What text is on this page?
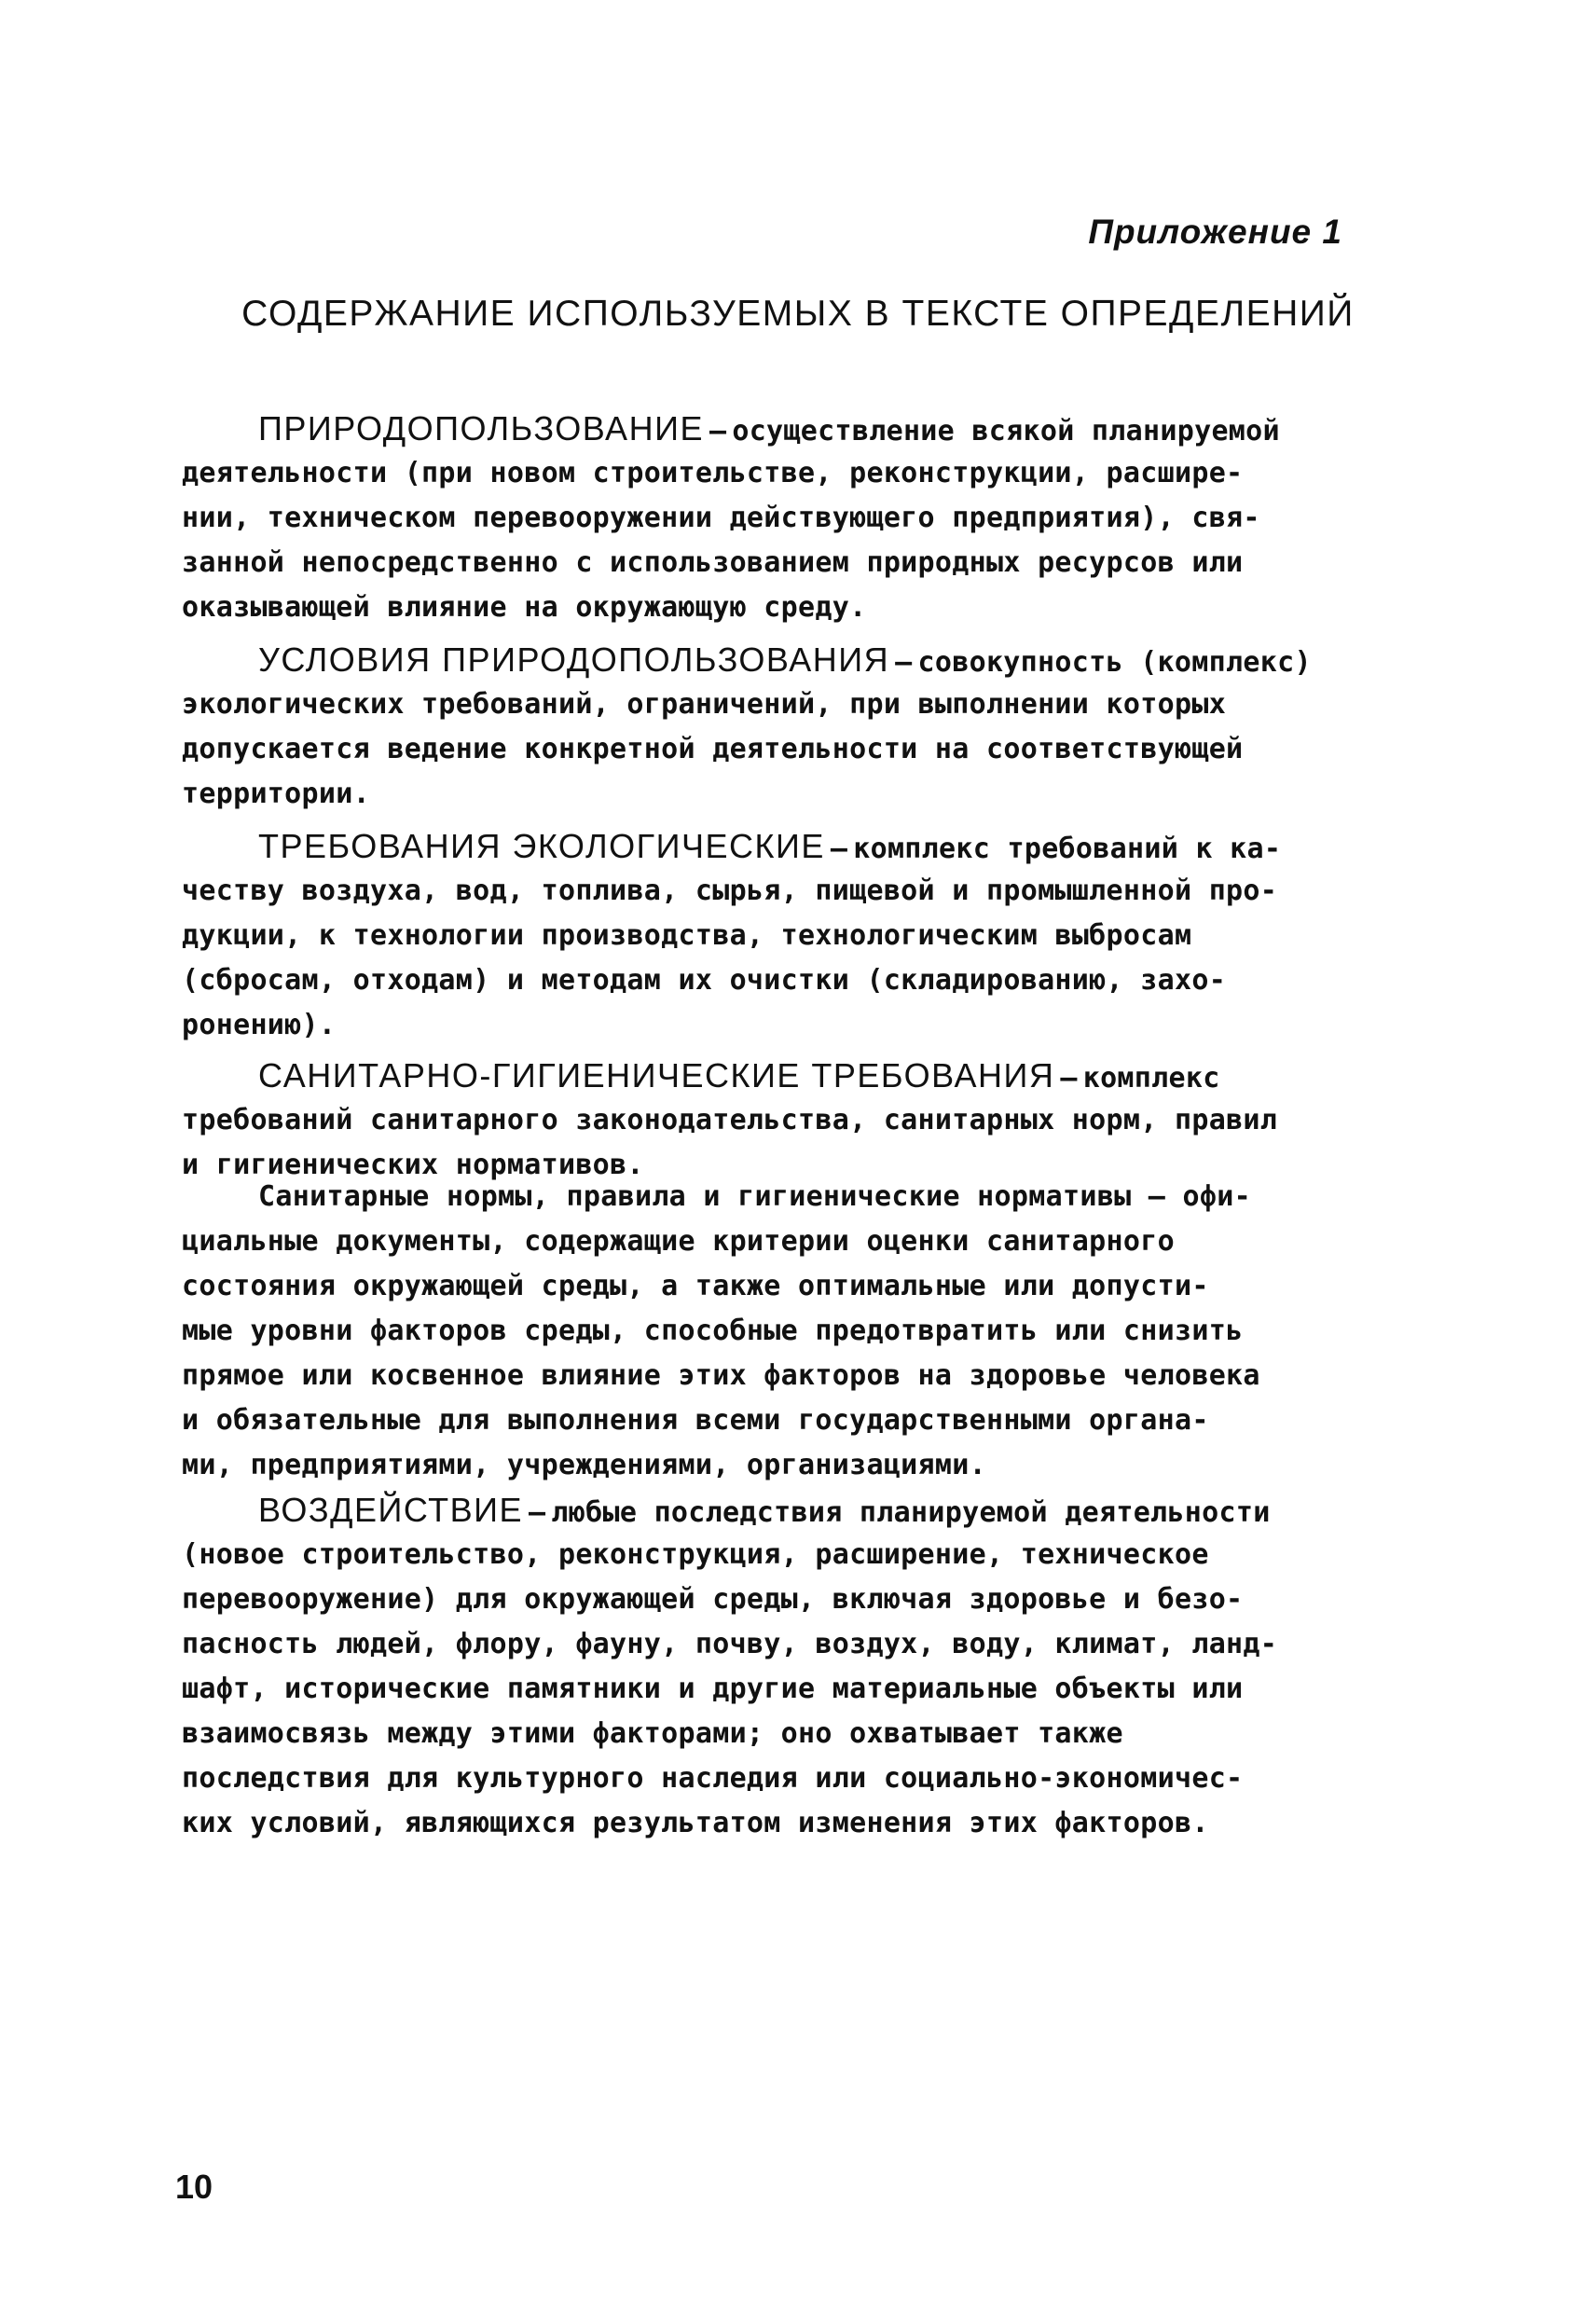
Приложение 1
СОДЕРЖАНИЕ ИСПОЛЬЗУЕМЫХ В ТЕКСТЕ ОПРЕДЕЛЕНИЙ
ПРИРОДОПОЛЬЗОВАНИЕ – осуществление всякой планируемой
деятельности (при новом строительстве, реконструкции, расшире-
нии, техническом перевооружении действующего предприятия), свя-
занной непосредственно с использованием природных ресурсов или
оказывающей влияние на окружающую среду.
УСЛОВИЯ ПРИРОДОПОЛЬЗОВАНИЯ – совокупность (комплекс)
экологических требований, ограничений, при выполнении которых
допускается ведение конкретной деятельности на соответствующей
территории.
ТРЕБОВАНИЯ ЭКОЛОГИЧЕСКИЕ – комплекс требований к ка-
честву воздуха, вод, топлива, сырья, пищевой и промышленной про-
дукции, к технологии производства, технологическим выбросам
(сбросам, отходам) и методам их очистки (складированию, захо-
ронению).
САНИТАРНО-ГИГИЕНИЧЕСКИЕ ТРЕБОВАНИЯ – комплекс
требований санитарного законодательства, санитарных норм, правил
и гигиенических нормативов.
Санитарные нормы, правила и гигиенические нормативы – офи-
циальные документы, содержащие критерии оценки санитарного
состояния окружающей среды, а также оптимальные или допусти-
мые уровни факторов среды, способные предотвратить или снизить
прямое или косвенное влияние этих факторов на здоровье человека
и обязательные для выполнения всеми государственными органа-
ми, предприятиями, учреждениями, организациями.
ВОЗДЕЙСТВИЕ – любые последствия планируемой деятельности
(новое строительство, реконструкция, расширение, техническое
перевооружение) для окружающей среды, включая здоровье и безо-
пасность людей, флору, фауну, почву, воздух, воду, климат, ланд-
шафт, исторические памятники и другие материальные объекты или
взаимосвязь между этими факторами; оно охватывает также
последствия для культурного наследия или социально-экономичес-
ких условий, являющихся результатом изменения этих факторов.
10
